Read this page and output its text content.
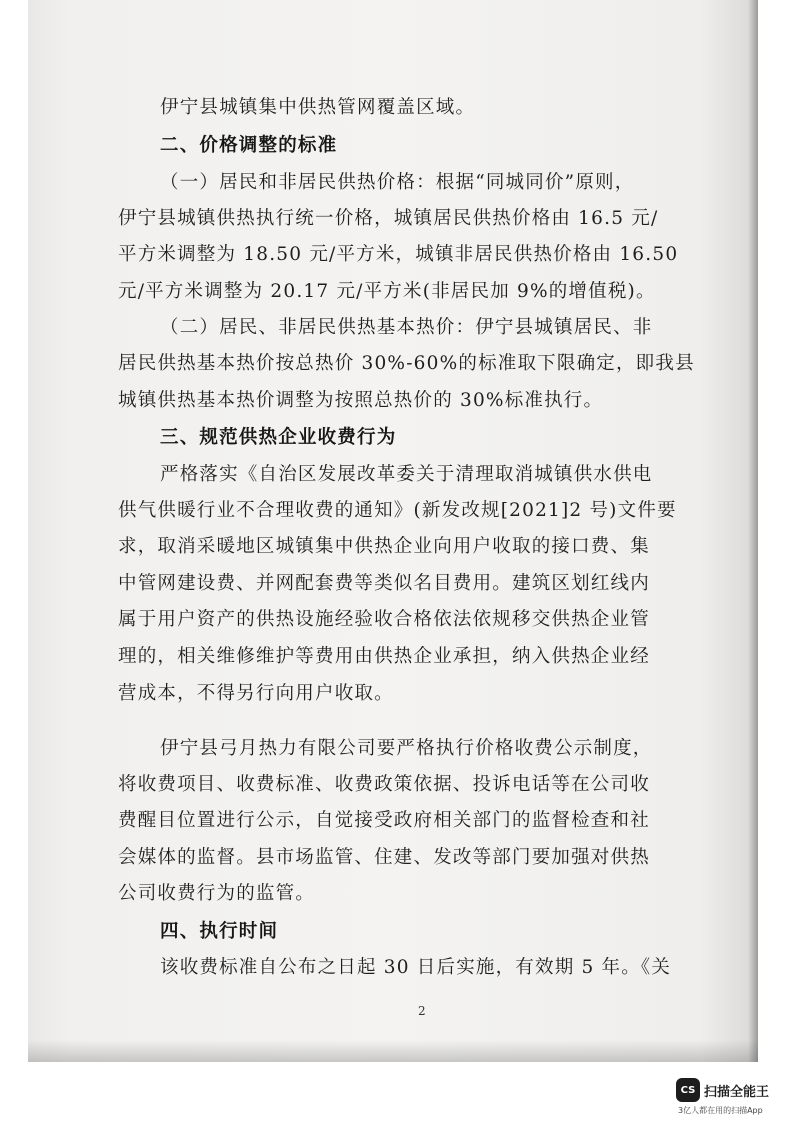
伊宁县城镇集中供热管网覆盖区域。
二、价格调整的标准
（一）居民和非居民供热价格：根据“同城同价”原则，
伊宁县城镇供热执行统一价格，城镇居民供热价格由 16.5 元/
平方米调整为 18.50 元/平方米，城镇非居民供热价格由 16.50
元/平方米调整为 20.17 元/平方米(非居民加 9%的增值税)。
（二）居民、非居民供热基本热价：伊宁县城镇居民、非
居民供热基本热价按总热价 30%-60%的标准取下限确定，即我县
城镇供热基本热价调整为按照总热价的 30%标准执行。
三、规范供热企业收费行为
严格落实《自治区发展改革委关于清理取消城镇供水供电
供气供暖行业不合理收费的通知》(新发改规[2021]2 号)文件要
求，取消采暖地区城镇集中供热企业向用户收取的接口费、集
中管网建设费、并网配套费等类似名目费用。建筑区划红线内
属于用户资产的供热设施经验收合格依法依规移交供热企业管
理的，相关维修维护等费用由供热企业承担，纳入供热企业经
营成本，不得另行向用户收取。
伊宁县弓月热力有限公司要严格执行价格收费公示制度，
将收费项目、收费标准、收费政策依据、投诉电话等在公司收
费醒目位置进行公示，自觉接受政府相关部门的监督检查和社
会媒体的监督。县市场监管、住建、发改等部门要加强对供热
公司收费行为的监管。
四、执行时间
该收费标准自公布之日起 30 日后实施，有效期 5 年。《关
2
CS 扫描全能王
3亿人都在用的扫描App
